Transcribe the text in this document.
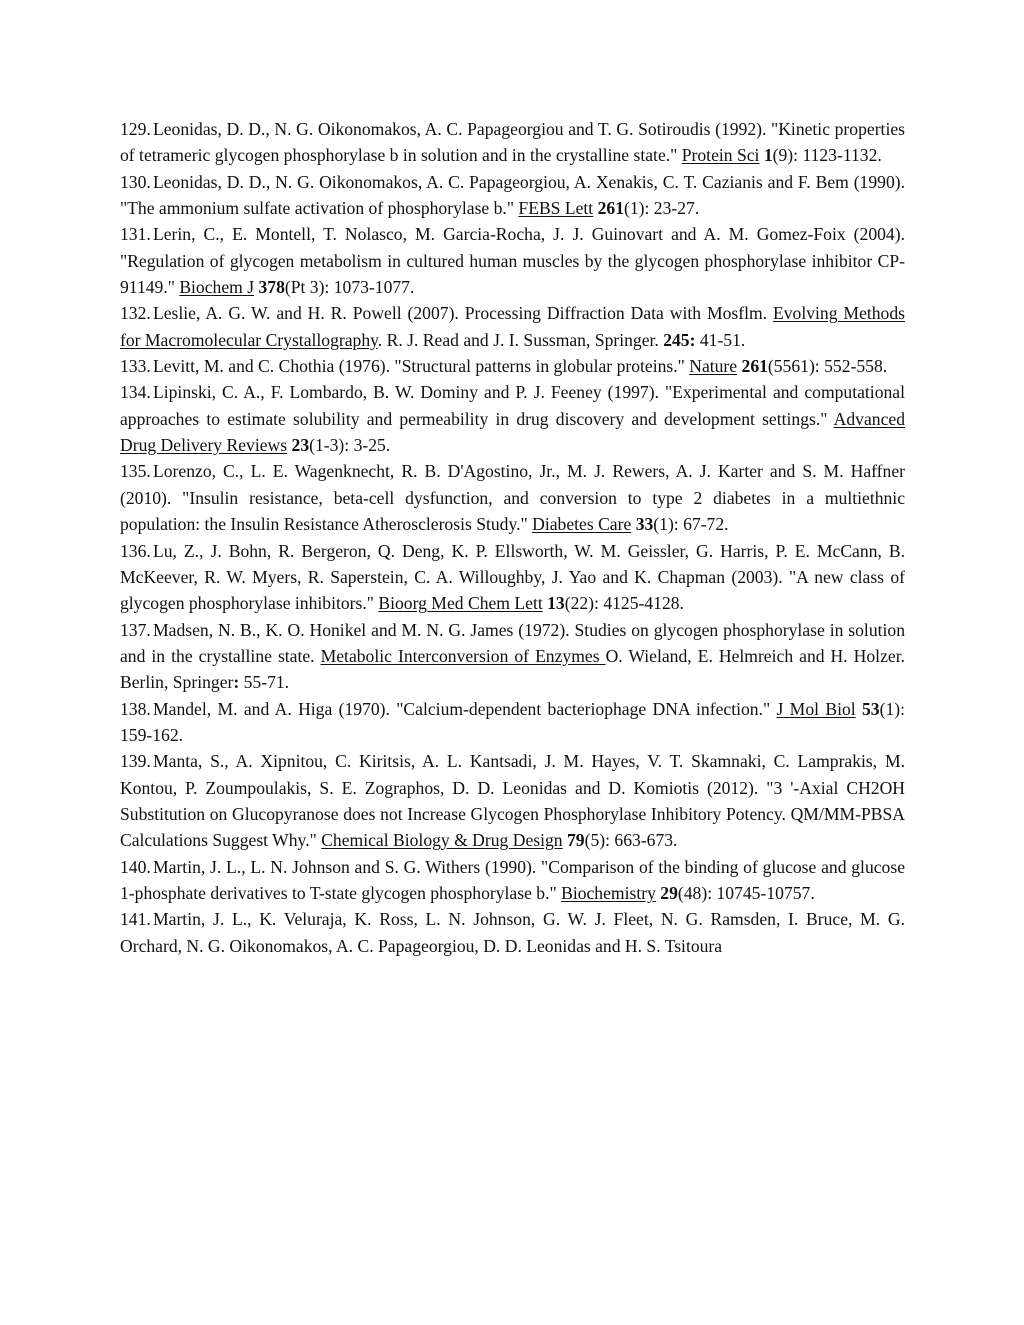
129. Leonidas, D. D., N. G. Oikonomakos, A. C. Papageorgiou and T. G. Sotiroudis (1992). "Kinetic properties of tetrameric glycogen phosphorylase b in solution and in the crystalline state." Protein Sci 1(9): 1123-1132.

130. Leonidas, D. D., N. G. Oikonomakos, A. C. Papageorgiou, A. Xenakis, C. T. Cazianis and F. Bem (1990). "The ammonium sulfate activation of phosphorylase b." FEBS Lett 261(1): 23-27.

131. Lerin, C., E. Montell, T. Nolasco, M. Garcia-Rocha, J. J. Guinovart and A. M. Gomez-Foix (2004). "Regulation of glycogen metabolism in cultured human muscles by the glycogen phosphorylase inhibitor CP-91149." Biochem J 378(Pt 3): 1073-1077.

132. Leslie, A. G. W. and H. R. Powell (2007). Processing Diffraction Data with Mosflm. Evolving Methods for Macromolecular Crystallography. R. J. Read and J. I. Sussman, Springer. 245: 41-51.

133. Levitt, M. and C. Chothia (1976). "Structural patterns in globular proteins." Nature 261(5561): 552-558.

134. Lipinski, C. A., F. Lombardo, B. W. Dominy and P. J. Feeney (1997). "Experimental and computational approaches to estimate solubility and permeability in drug discovery and development settings." Advanced Drug Delivery Reviews 23(1-3): 3-25.

135. Lorenzo, C., L. E. Wagenknecht, R. B. D'Agostino, Jr., M. J. Rewers, A. J. Karter and S. M. Haffner (2010). "Insulin resistance, beta-cell dysfunction, and conversion to type 2 diabetes in a multiethnic population: the Insulin Resistance Atherosclerosis Study." Diabetes Care 33(1): 67-72.

136. Lu, Z., J. Bohn, R. Bergeron, Q. Deng, K. P. Ellsworth, W. M. Geissler, G. Harris, P. E. McCann, B. McKeever, R. W. Myers, R. Saperstein, C. A. Willoughby, J. Yao and K. Chapman (2003). "A new class of glycogen phosphorylase inhibitors." Bioorg Med Chem Lett 13(22): 4125-4128.

137. Madsen, N. B., K. O. Honikel and M. N. G. James (1972). Studies on glycogen phosphorylase in solution and in the crystalline state. Metabolic Interconversion of Enzymes O. Wieland, E. Helmreich and H. Holzer. Berlin, Springer: 55-71.

138. Mandel, M. and A. Higa (1970). "Calcium-dependent bacteriophage DNA infection." J Mol Biol 53(1): 159-162.

139. Manta, S., A. Xipnitou, C. Kiritsis, A. L. Kantsadi, J. M. Hayes, V. T. Skamnaki, C. Lamprakis, M. Kontou, P. Zoumpoulakis, S. E. Zographos, D. D. Leonidas and D. Komiotis (2012). "3 '-Axial CH2OH Substitution on Glucopyranose does not Increase Glycogen Phosphorylase Inhibitory Potency. QM/MM-PBSA Calculations Suggest Why." Chemical Biology & Drug Design 79(5): 663-673.

140. Martin, J. L., L. N. Johnson and S. G. Withers (1990). "Comparison of the binding of glucose and glucose 1-phosphate derivatives to T-state glycogen phosphorylase b." Biochemistry 29(48): 10745-10757.

141. Martin, J. L., K. Veluraja, K. Ross, L. N. Johnson, G. W. J. Fleet, N. G. Ramsden, I. Bruce, M. G. Orchard, N. G. Oikonomakos, A. C. Papageorgiou, D. D. Leonidas and H. S. Tsitoura
